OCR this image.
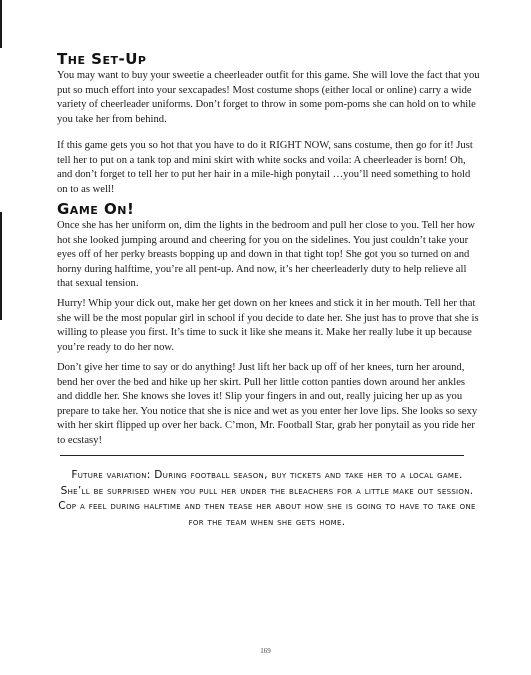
The Set-Up

You may want to buy your sweetie a cheerleader outfit for this game. She will love the fact that you put so much effort into your sexcapades! Most costume shops (either local or online) carry a wide variety of cheerleader uniforms. Don’t forget to throw in some pom-poms she can hold on to while you take her from behind.

If this game gets you so hot that you have to do it RIGHT NOW, sans costume, then go for it! Just tell her to put on a tank top and mini skirt with white socks and voila: A cheerleader is born! Oh, and don’t forget to tell her to put her hair in a mile-high ponytail …you’ll need something to hold on to as well!

Game On!

Once she has her uniform on, dim the lights in the bedroom and pull her close to you. Tell her how hot she looked jumping around and cheering for you on the sidelines. You just couldn’t take your eyes off of her perky breasts bopping up and down in that tight top! She got you so turned on and horny during halftime, you’re all pent-up. And now, it’s her cheerleaderly duty to help relieve all that sexual tension.

Hurry! Whip your dick out, make her get down on her knees and stick it in her mouth. Tell her that she will be the most popular girl in school if you decide to date her. She just has to prove that she is willing to please you first. It’s time to suck it like she means it. Make her really lube it up because you’re ready to do her now.

Don’t give her time to say or do anything! Just lift her back up off of her knees, turn her around, bend her over the bed and hike up her skirt. Pull her little cotton panties down around her ankles and diddle her. She knows she loves it! Slip your fingers in and out, really juicing her up as you prepare to take her. You notice that she is nice and wet as you enter her love lips. She looks so sexy with her skirt flipped up over her back. C’mon, Mr. Football Star, grab her ponytail as you ride her to ecstasy!

Future variation: During football season, buy tickets and take her to a local game. She’ll be surprised when you pull her under the bleachers for a little make out session. Cop a feel during halftime and then tease her about how she is going to have to take one for the team when she gets home.

169
